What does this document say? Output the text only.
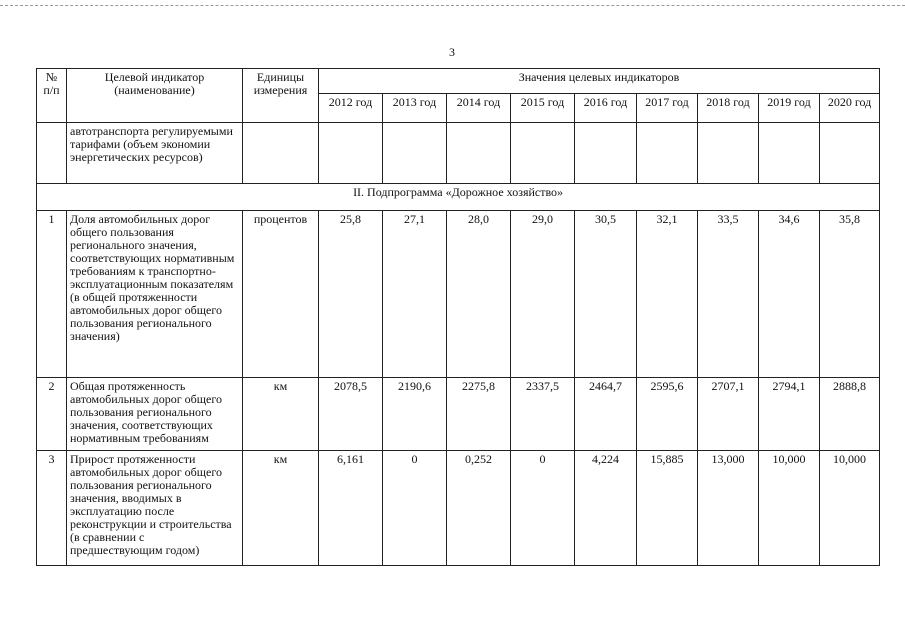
3
№ п/п	Целевой индикатор (наименование)	Единицы измерения	Значения целевых индикаторов								
			2012 год	2013 год	2014 год	2015 год	2016 год	2017 год	2018 год	2019 год	2020 год
	автотранспорта регулируемыми тарифами (объем экономии энергетических ресурсов)										
II. Подпрограмма «Дорожное хозяйство»											
1	Доля автомобильных дорог общего пользования регионального значения, соответствующих нормативным требованиям к транспортно-эксплуатационным показателям (в общей протяженности автомобильных дорог общего пользования регионального значения)	процентов	25,8	27,1	28,0	29,0	30,5	32,1	33,5	34,6	35,8
2	Общая протяженность автомобильных дорог общего пользования регионального значения, соответствующих нормативным требованиям	км	2078,5	2190,6	2275,8	2337,5	2464,7	2595,6	2707,1	2794,1	2888,8
3	Прирост протяженности автомобильных дорог общего пользования регионального значения, вводимых в эксплуатацию после реконструкции и строительства (в сравнении с предшествующим годом)	км	6,161	0	0,252	0	4,224	15,885	13,000	10,000	10,000
